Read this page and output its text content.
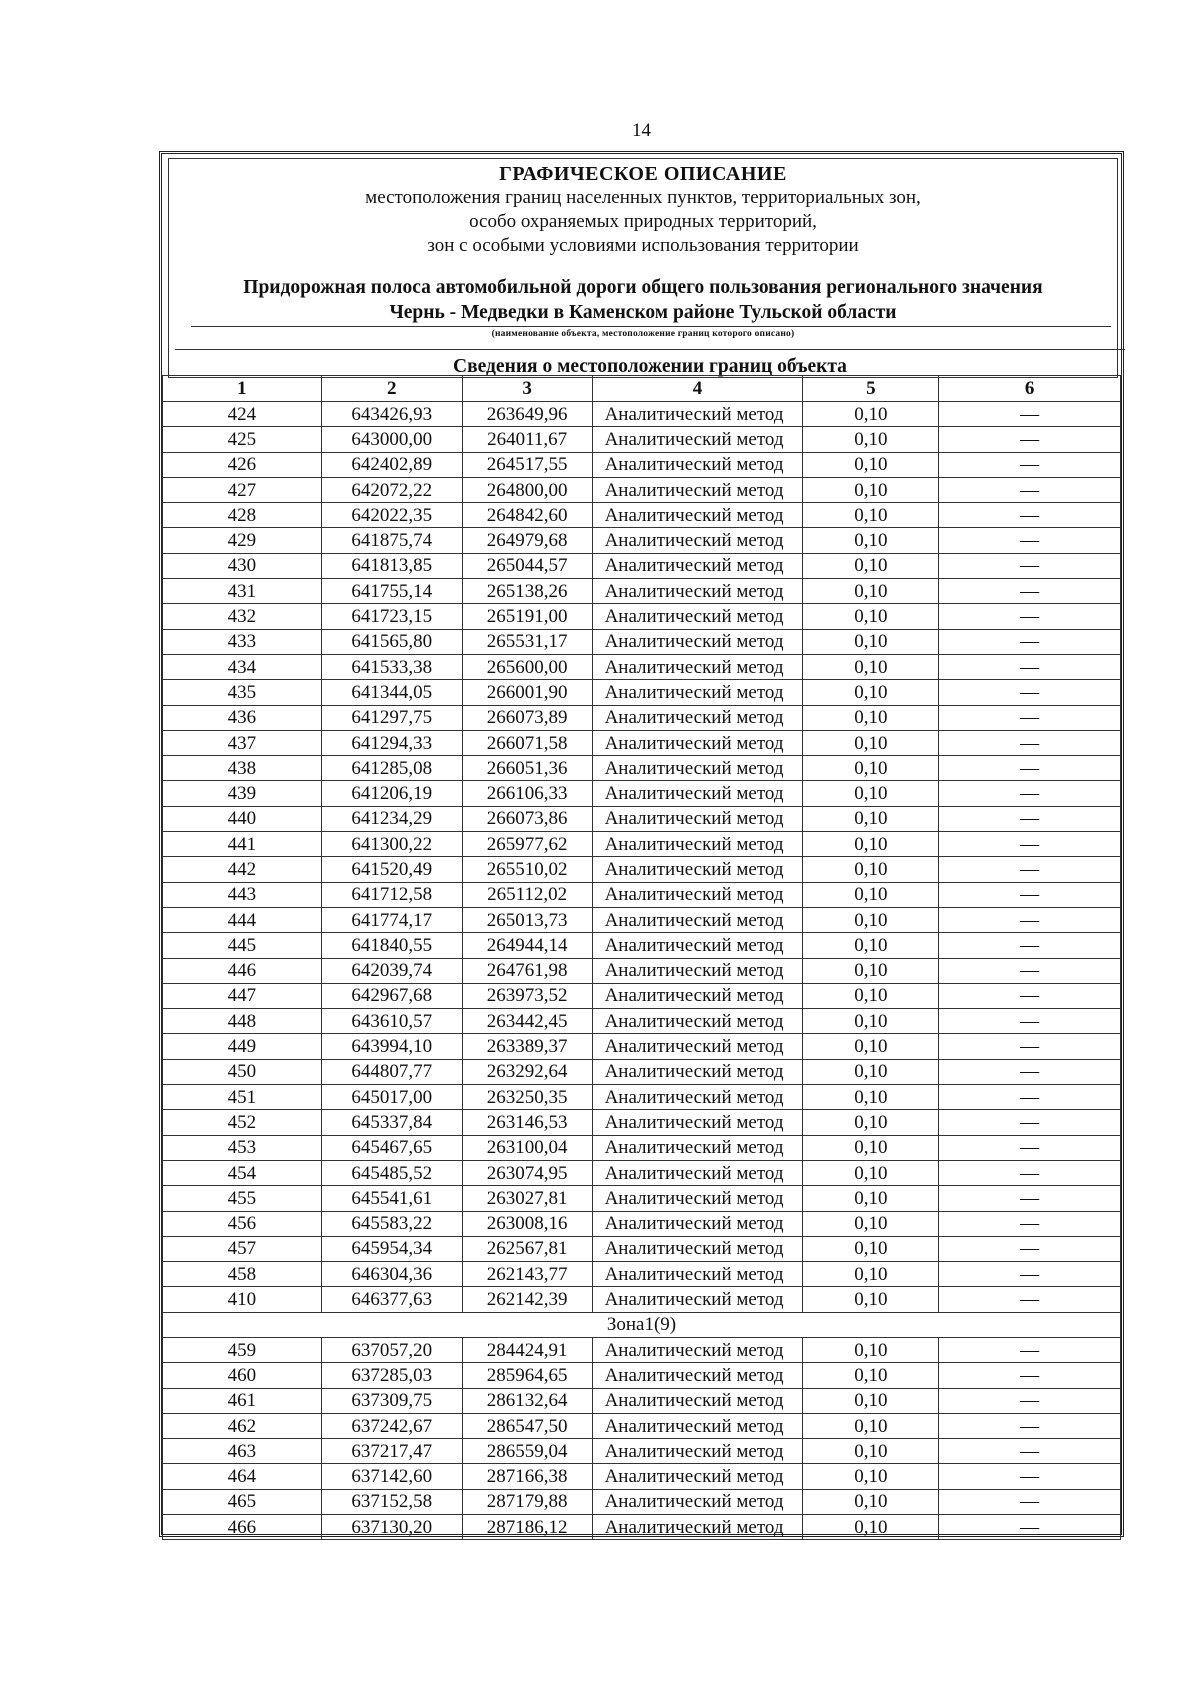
14
ГРАФИЧЕСКОЕ ОПИСАНИЕ
местоположения границ населенных пунктов, территориальных зон,
особо охраняемых природных территорий,
зон с особыми условиями использования территории
Придорожная полоса автомобильной дороги общего пользования регионального значения
Чернь - Медведки в Каменском районе Тульской области
(наименование объекта, местоположение границ которого описано)
Сведения о местоположении границ объекта
1	2	3	4	5	6
424	643426,93	263649,96	Аналитический метод	0,10	—
425	643000,00	264011,67	Аналитический метод	0,10	—
426	642402,89	264517,55	Аналитический метод	0,10	—
427	642072,22	264800,00	Аналитический метод	0,10	—
428	642022,35	264842,60	Аналитический метод	0,10	—
429	641875,74	264979,68	Аналитический метод	0,10	—
430	641813,85	265044,57	Аналитический метод	0,10	—
431	641755,14	265138,26	Аналитический метод	0,10	—
432	641723,15	265191,00	Аналитический метод	0,10	—
433	641565,80	265531,17	Аналитический метод	0,10	—
434	641533,38	265600,00	Аналитический метод	0,10	—
435	641344,05	266001,90	Аналитический метод	0,10	—
436	641297,75	266073,89	Аналитический метод	0,10	—
437	641294,33	266071,58	Аналитический метод	0,10	—
438	641285,08	266051,36	Аналитический метод	0,10	—
439	641206,19	266106,33	Аналитический метод	0,10	—
440	641234,29	266073,86	Аналитический метод	0,10	—
441	641300,22	265977,62	Аналитический метод	0,10	—
442	641520,49	265510,02	Аналитический метод	0,10	—
443	641712,58	265112,02	Аналитический метод	0,10	—
444	641774,17	265013,73	Аналитический метод	0,10	—
445	641840,55	264944,14	Аналитический метод	0,10	—
446	642039,74	264761,98	Аналитический метод	0,10	—
447	642967,68	263973,52	Аналитический метод	0,10	—
448	643610,57	263442,45	Аналитический метод	0,10	—
449	643994,10	263389,37	Аналитический метод	0,10	—
450	644807,77	263292,64	Аналитический метод	0,10	—
451	645017,00	263250,35	Аналитический метод	0,10	—
452	645337,84	263146,53	Аналитический метод	0,10	—
453	645467,65	263100,04	Аналитический метод	0,10	—
454	645485,52	263074,95	Аналитический метод	0,10	—
455	645541,61	263027,81	Аналитический метод	0,10	—
456	645583,22	263008,16	Аналитический метод	0,10	—
457	645954,34	262567,81	Аналитический метод	0,10	—
458	646304,36	262143,77	Аналитический метод	0,10	—
410	646377,63	262142,39	Аналитический метод	0,10	—
Зона1(9)					
459	637057,20	284424,91	Аналитический метод	0,10	—
460	637285,03	285964,65	Аналитический метод	0,10	—
461	637309,75	286132,64	Аналитический метод	0,10	—
462	637242,67	286547,50	Аналитический метод	0,10	—
463	637217,47	286559,04	Аналитический метод	0,10	—
464	637142,60	287166,38	Аналитический метод	0,10	—
465	637152,58	287179,88	Аналитический метод	0,10	—
466	637130,20	287186,12	Аналитический метод	0,10	—
